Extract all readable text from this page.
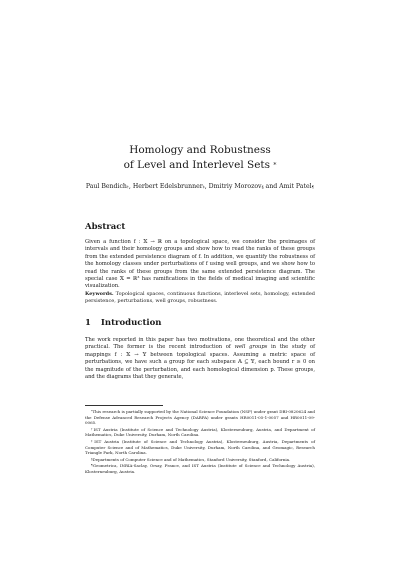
Homology and Robustness
of Level and Interlevel Sets *
Paul Bendich†, Herbert Edelsbrunner‡, Dmitriy Morozov§ and Amit Patel¶
Abstract
Given a function f : 𝕏 → ℝ on a topological space, we consider the preimages of intervals and their homology groups and show how to read the ranks of these groups from the extended persistence diagram of f. In addition, we quantify the robustness of the homology classes under perturbations of f using well groups, and we show how to read the ranks of these groups from the same extended persistence diagram. The special case 𝕏 = ℝ³ has ramifications in the fields of medical imaging and scientific visualization.
Keywords. Topological spaces, continuous functions, interlevel sets, homology, extended persistence, perturbations, well groups, robustness.
1 Introduction
The work reported in this paper has two motivations, one theoretical and the other practical. The former is the recent introduction of well groups in the study of mappings f : 𝕏 → 𝕐 between topological spaces. Assuming a metric space of perturbations, we have such a group for each subspace 𝔸 ⊆ 𝕐, each bound r ≥ 0 on the magnitude of the perturbation, and each homological dimension p. These groups, and the diagrams that they generate,
*This research is partially supported by the National Science Foundation (NSF) under grant DBI-0820624 and the Defense Advanced Research Projects Agency (DARPA) under grants HR0011-05-1-0057 and HR0011-09-0065.
†IST Austria (Institute of Science and Technology Austria), Klosterneuburg, Austria, and Department of Mathematics, Duke University, Durham, North Carolina.
‡IST Austria (Institute of Science and Technology Austria), Klosterneuburg, Austria, Departments of Computer Science and of Mathematics, Duke University, Durham, North Carolina, and Geomagic, Research Triangle Park, North Carolina.
§Departments of Computer Science and of Mathematics, Stanford University, Stanford, California.
¶Geometrica, INRIA-Saclay, Orsay, France, and IST Austria (Institute of Science and Technology Austria), Klosterneuburg, Austria.
